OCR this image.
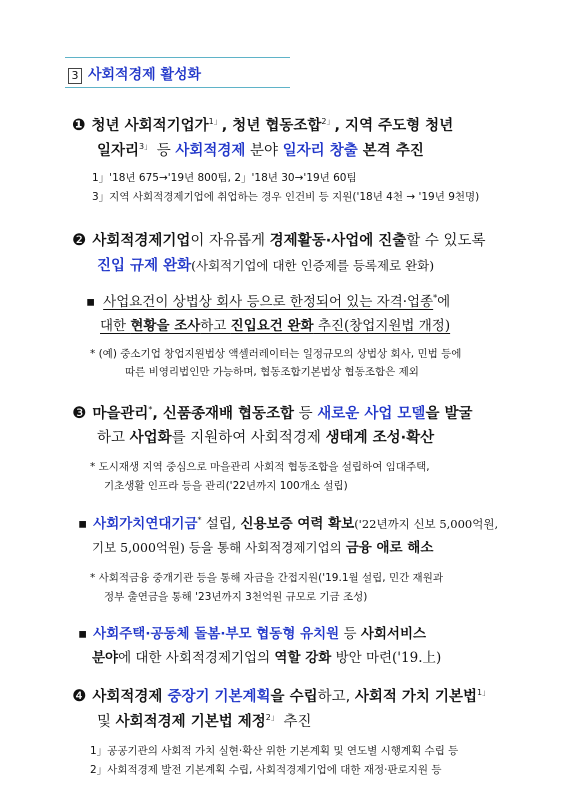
3 사회적경제 활성화
❶ 청년 사회적기업가$^{1」}$, 청년 협동조합$^{2」}$, 지역 주도형 청년
일자리$^{3」}$ 등 사회적경제 분야 일자리 창출 본격 추진
1」'18년 675→'19년 800팀, 2」'18년 30→'19년 60팀
3」지역 사회적경제기업에 취업하는 경우 인건비 등 지원('18년 4천 → '19년 9천명)
❷ 사회적경제기업이 자유롭게 경제활동·사업에 진출할 수 있도록
진입 규제 완화(사회적기업에 대한 인증제를 등록제로 완화)
▪ 사업요건이 상법상 회사 등으로 한정되어 있는 자격·업종*에
대한 현황을 조사하고 진입요건 완화 추진(창업지원법 개정)
* (예) 중소기업 창업지원법상 액셀러레이터는 일정규모의 상법상 회사, 민법 등에
따른 비영리법인만 가능하며, 협동조합기본법상 협동조합은 제외
❸ 마을관리*, 신품종재배 협동조합 등 새로운 사업 모델을 발굴
하고 사업화를 지원하여 사회적경제 생태계 조성·확산
* 도시재생 지역 중심으로 마을관리 사회적 협동조합을 설립하여 임대주택,
기초생활 인프라 등을 관리('22년까지 100개소 설립)
▪ 사회가치연대기금* 설립, 신용보증 여력 확보('22년까지 신보 5,000억원,
기보 5,000억원) 등을 통해 사회적경제기업의 금융 애로 해소
* 사회적금융 중개기관 등을 통해 자금을 간접지원('19.1월 설립, 민간 재원과
정부 출연금을 통해 '23년까지 3천억원 규모로 기금 조성)
▪ 사회주택·공동체 돌봄·부모 협동형 유치원 등 사회서비스
분야에 대한 사회적경제기업의 역할 강화 방안 마련('19.上)
❹ 사회적경제 중장기 기본계획을 수립하고, 사회적 가치 기본법$^{1」}$
및 사회적경제 기본법 제정$^{2」}$ 추진
1」공공기관의 사회적 가치 실현·확산 위한 기본계획 및 연도별 시행계획 수립 등
2」사회적경제 발전 기본계획 수립, 사회적경제기업에 대한 재정·판로지원 등
